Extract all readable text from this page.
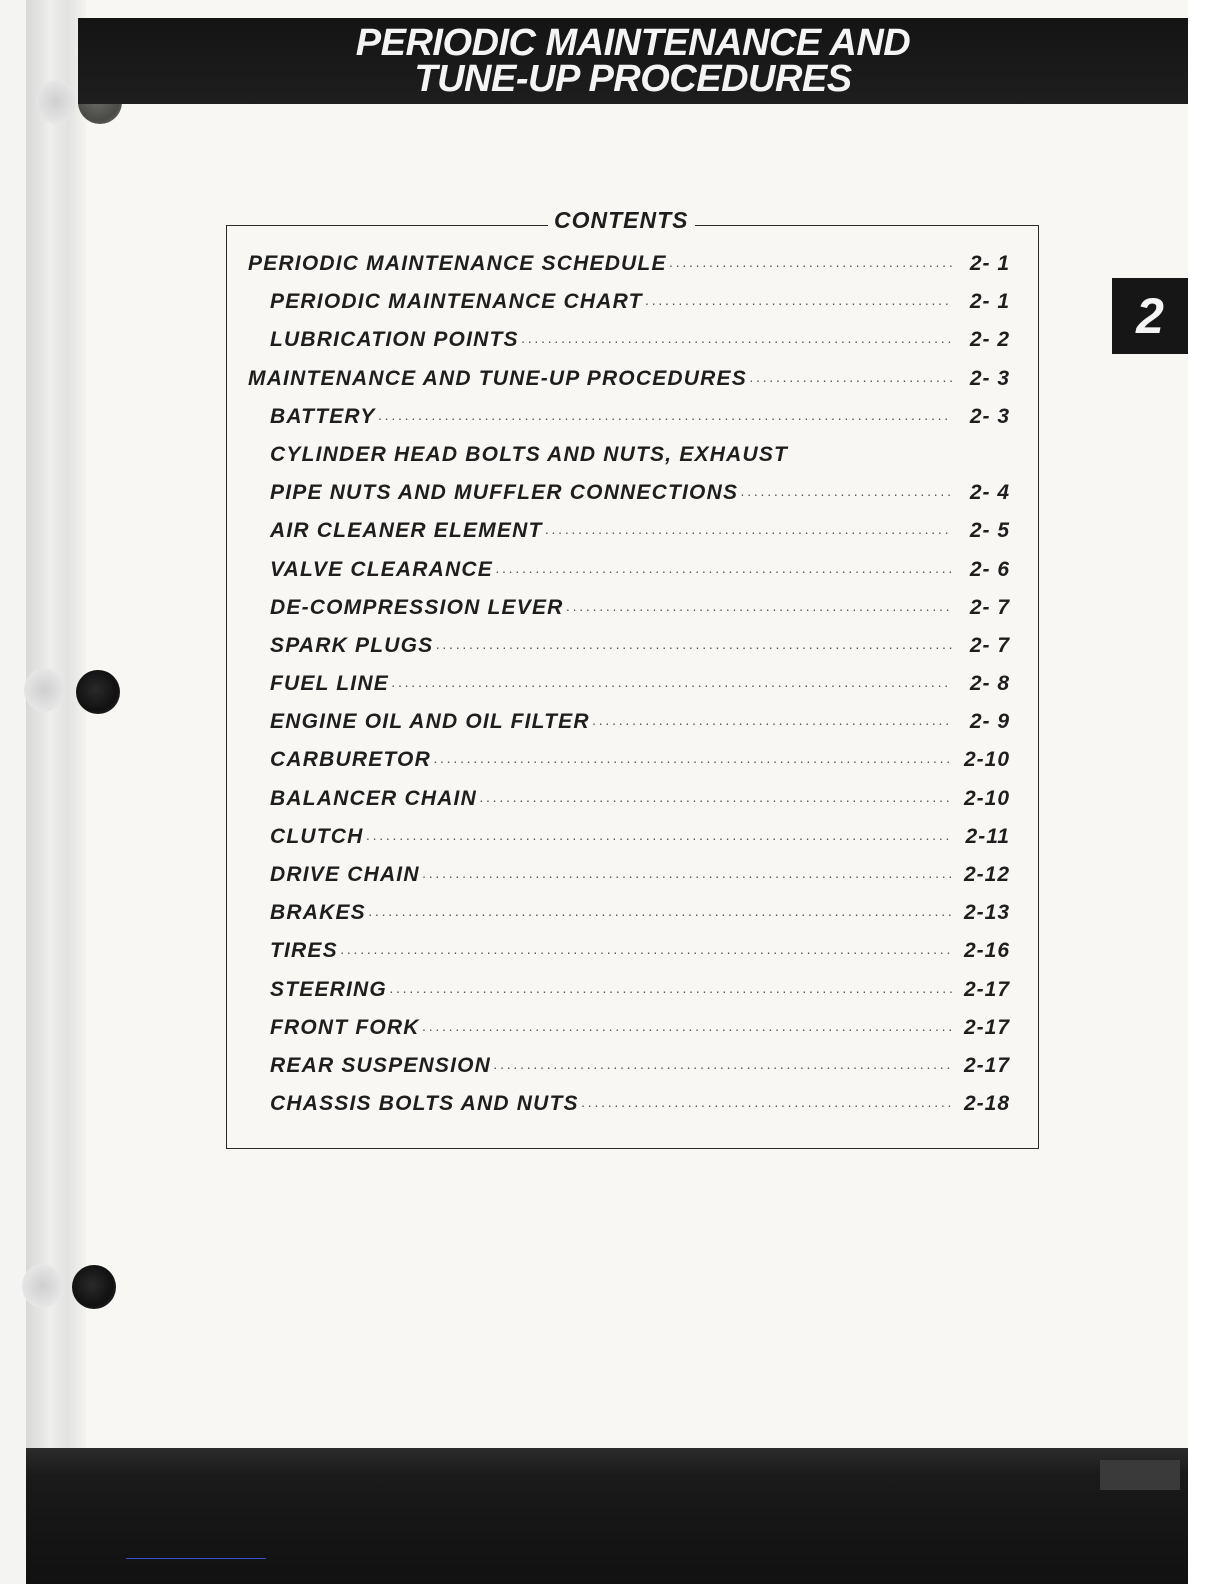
PERIODIC MAINTENANCE AND
TUNE-UP PROCEDURES
2
CONTENTS
PERIODIC MAINTENANCE SCHEDULE ·····	2- 1
PERIODIC MAINTENANCE CHART ·····	2- 1
LUBRICATION POINTS ·····	2- 2
MAINTENANCE AND TUNE-UP PROCEDURES ·····	2- 3
BATTERY ·····	2- 3
CYLINDER HEAD BOLTS AND NUTS, EXHAUST
PIPE NUTS AND MUFFLER CONNECTIONS ·····	2- 4
AIR CLEANER ELEMENT ·····	2- 5
VALVE CLEARANCE ·····	2- 6
DE-COMPRESSION LEVER ·····	2- 7
SPARK PLUGS ·····	2- 7
FUEL LINE ·····	2- 8
ENGINE OIL AND OIL FILTER ·····	2- 9
CARBURETOR ·····	2-10
BALANCER CHAIN ·····	2-10
CLUTCH ·····	2-11
DRIVE CHAIN ·····	2-12
BRAKES ·····	2-13
TIRES ·····	2-16
STEERING ·····	2-17
FRONT FORK ·····	2-17
REAR SUSPENSION ·····	2-17
CHASSIS BOLTS AND NUTS ·····	2-18
